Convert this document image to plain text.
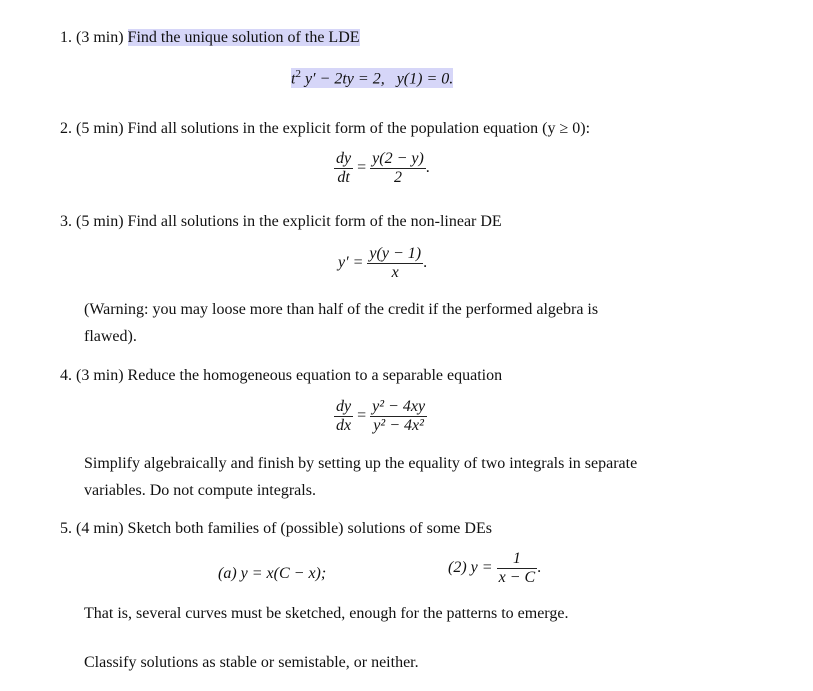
1. (3 min) Find the unique solution of the LDE
$t^2$ y′ − 2ty = 2, y(1) = 0.
2. (5 min) Find all solutions in the explicit form of the population equation (y ≥ 0):
$\frac{dy}{dt} = \frac{y(2 - y)}{2}$ .
3. (5 min) Find all solutions in the explicit form of the non-linear DE
$y' = \frac{y(y - 1)}{x}$ .
(Warning: you may loose more than half of the credit if the performed algebra is
flawed).
4. (3 min) Reduce the homogeneous equation to a separable equation
$\frac{dy}{dx} = \frac{\text{y² − 4xy}}{\text{y² − 4x²}}$
Simplify algebraically and finish by setting up the equality of two integrals in separate
variables. Do not compute integrals.
5. (4 min) Sketch both families of (possible) solutions of some DEs
(a) y = x(C − x);	(2) $y = \frac{1}{x - C}$ .
That is, several curves must be sketched, enough for the patterns to emerge.
Classify solutions as stable or semistable, or neither.
